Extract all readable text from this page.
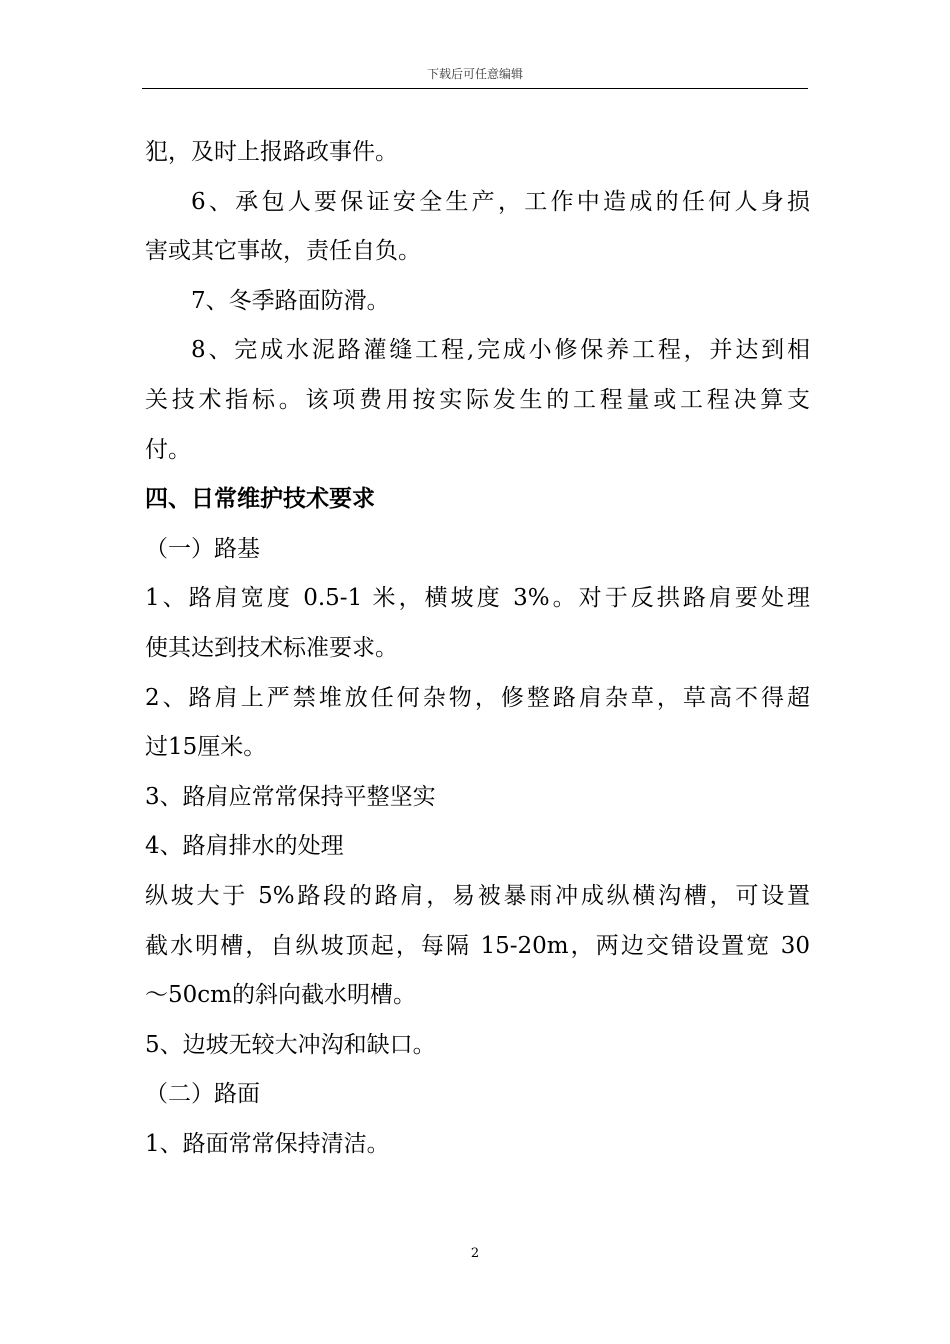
下载后可任意编辑
犯，及时上报路政事件。
6、承包人要保证安全生产，工作中造成的任何人身损
害或其它事故，责任自负。
7、冬季路面防滑。
8、完成水泥路灌缝工程,完成小修保养工程，并达到相
关技术指标。该项费用按实际发生的工程量或工程决算支
付。
四、日常维护技术要求
（一）路基
1、路肩宽度 0.5-1 米，横坡度 3%。对于反拱路肩要处理
使其达到技术标准要求。
2、路肩上严禁堆放任何杂物，修整路肩杂草，草高不得超
过15厘米。
3、路肩应常常保持平整坚实
4、路肩排水的处理
纵坡大于 5%路段的路肩，易被暴雨冲成纵横沟槽，可设置
截水明槽，自纵坡顶起，每隔 15-20m，两边交错设置宽 30
～50cm的斜向截水明槽。
5、边坡无较大冲沟和缺口。
（二）路面
1、路面常常保持清洁。
2
